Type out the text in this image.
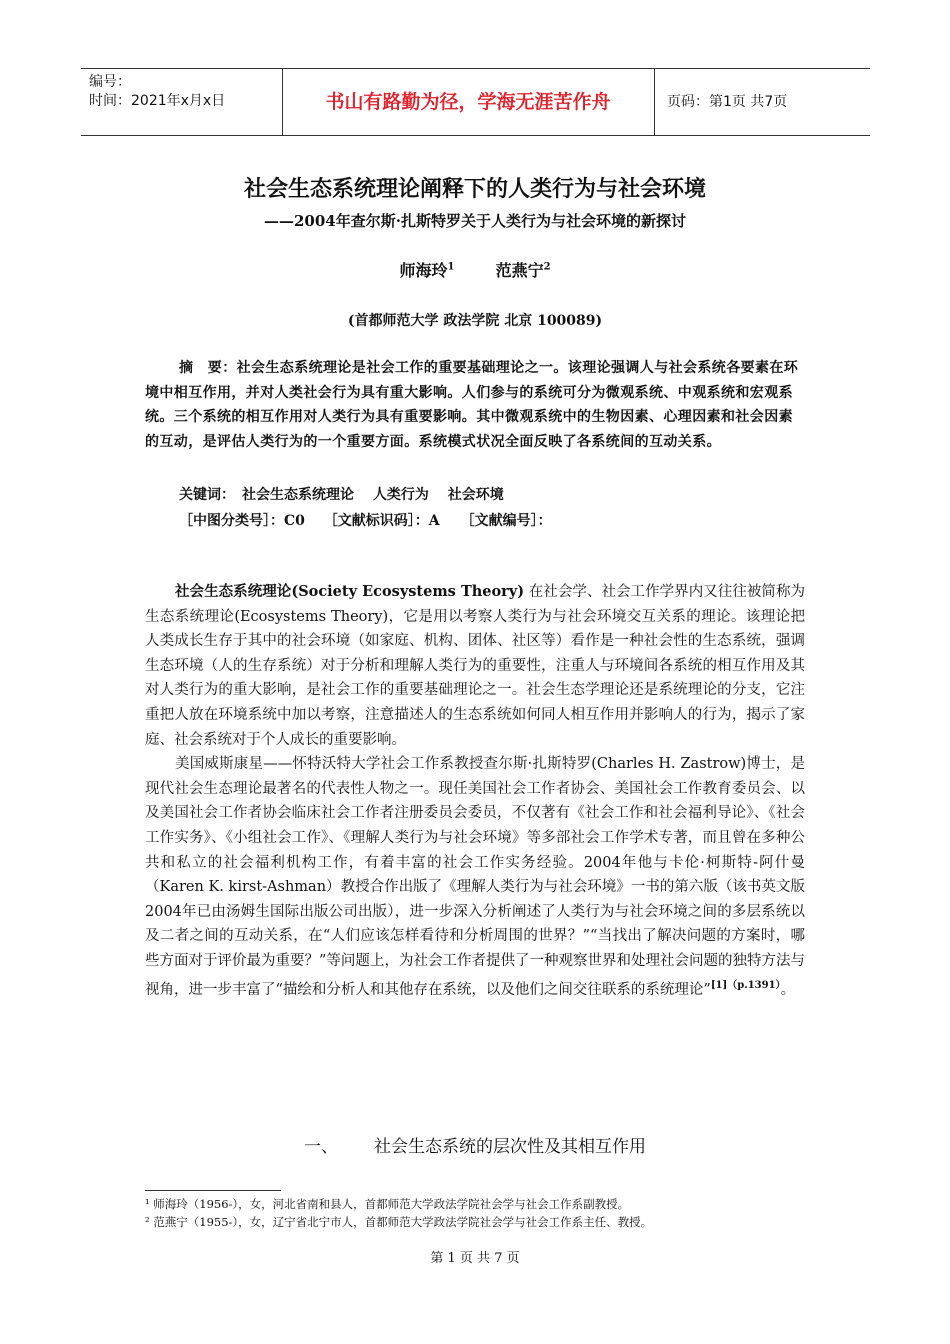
编号：
时间：2021年x月x日	书山有路勤为径，学海无涯苦作舟	页码：第1页 共7页
社会生态系统理论阐释下的人类行为与社会环境
——2004年查尔斯·扎斯特罗关于人类行为与社会环境的新探讨
师海玲$^1$	范燕宁$^2$
(首都师范大学 政法学院 北京 100089)
摘　要：社会生态系统理论是社会工作的重要基础理论之一。该理论强调人与社会系统各要素在环境中相互作用，并对人类社会行为具有重大影响。人们参与的系统可分为微观系统、中观系统和宏观系统。三个系统的相互作用对人类行为具有重要影响。其中微观系统中的生物因素、心理因素和社会因素的互动，是评估人类行为的一个重要方面。系统模式状况全面反映了各系统间的互动关系。
关键词：　社会生态系统理论　 人类行为　 社会环境
［中图分类号］：C0　 ［文献标识码］：A　　［文献编号］：

社会生态系统理论(Society Ecosystems Theory) 在社会学、社会工作学界内又往往被简称为生态系统理论(Ecosystems Theory)，它是用以考察人类行为与社会环境交互关系的理论。该理论把人类成长生存于其中的社会环境（如家庭、机构、团体、社区等）看作是一种社会性的生态系统，强调生态环境（人的生存系统）对于分析和理解人类行为的重要性，注重人与环境间各系统的相互作用及其对人类行为的重大影响，是社会工作的重要基础理论之一。社会生态学理论还是系统理论的分支，它注重把人放在环境系统中加以考察，注意描述人的生态系统如何同人相互作用并影响人的行为，揭示了家庭、社会系统对于个人成长的重要影响。

美国威斯康星——怀特沃特大学社会工作系教授查尔斯·扎斯特罗(Charles H. Zastrow)博士，是现代社会生态理论最著名的代表性人物之一。现任美国社会工作者协会、美国社会工作教育委员会、以及美国社会工作者协会临床社会工作者注册委员会委员，不仅著有《社会工作和社会福利导论》、《社会工作实务》、《小组社会工作》、《理解人类行为与社会环境》等多部社会工作学术专著，而且曾在多种公共和私立的社会福利机构工作，有着丰富的社会工作实务经验。2004年他与卡伦·柯斯特-阿什曼（Karen K. kirst-Ashman）教授合作出版了《理解人类行为与社会环境》一书的第六版（该书英文版2004年已由汤姆生国际出版公司出版），进一步深入分析阐述了人类行为与社会环境之间的多层系统以及二者之间的互动关系，在“人们应该怎样看待和分析周围的世界？”“当找出了解决问题的方案时，哪些方面对于评价最为重要？”等问题上，为社会工作者提供了一种观察世界和处理社会问题的独特方法与视角，进一步丰富了“描绘和分析人和其他存在系统，以及他们之间交往联系的系统理论”$^{[1](p.1391)}$。

一、 社会生态系统的层次性及其相互作用
¹ 师海玲（1956-），女，河北省南和县人，首都师范大学政法学院社会学与社会工作系副教授。
² 范燕宁（1955-），女，辽宁省北宁市人，首都师范大学政法学院社会学与社会工作系主任、教授。
第 1 页 共 7 页
